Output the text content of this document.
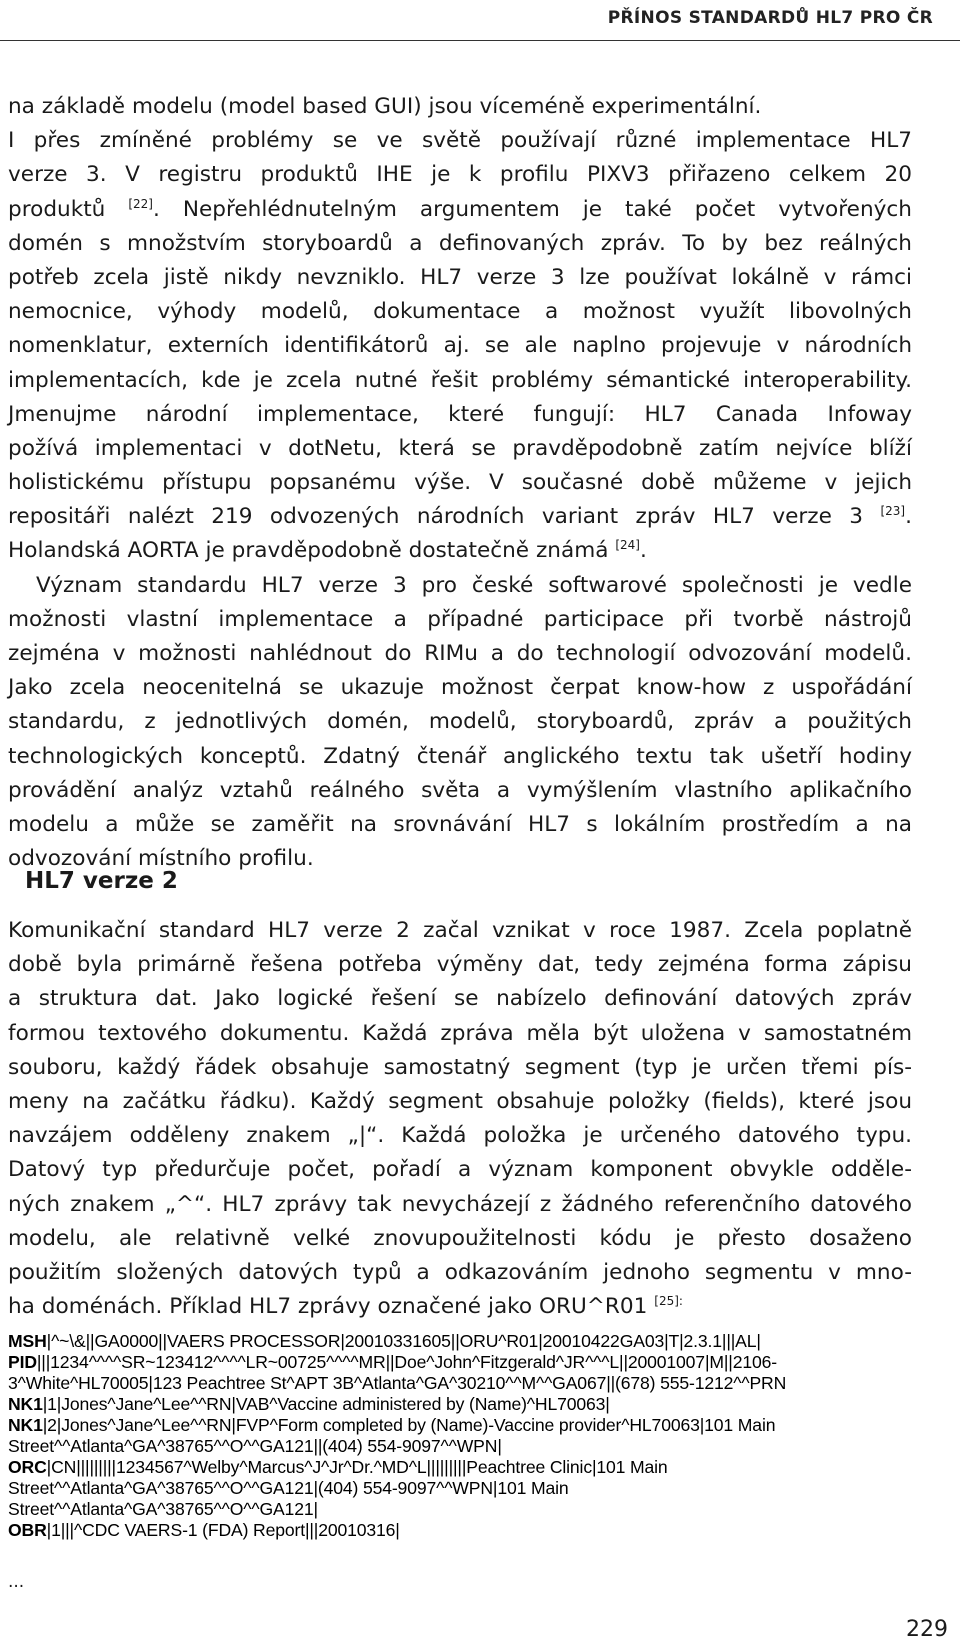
PŘÍNOS STANDARDŮ HL7 PRO ČR
na základě modelu (model based GUI) jsou víceméně experimentální.
I přes zmíněné problémy se ve světě používají různé implementace HL7
verze 3. V registru produktů IHE je k profilu PIXV3 přiřazeno celkem 20
produktů [22]. Nepřehlédnutelným argumentem je také počet vytvořených
domén s množstvím storyboardů a definovaných zpráv. To by bez reálných
potřeb zcela jistě nikdy nevzniklo. HL7 verze 3 lze používat lokálně v rámci
nemocnice, výhody modelů, dokumentace a možnost využít libovolných
nomenklatur, externích identifikátorů aj. se ale naplno projevuje v národních
implementacích, kde je zcela nutné řešit problémy sémantické interoperability.
Jmenujme národní implementace, které fungují: HL7 Canada Infoway
požívá implementaci v dotNetu, která se pravděpodobně zatím nejvíce blíží
holistickému přístupu popsanému výše. V současné době můžeme v jejich
repositáři nalézt 219 odvozených národních variant zpráv HL7 verze 3 [23].
Holandská AORTA je pravděpodobně dostatečně známá [24].
Význam standardu HL7 verze 3 pro české softwarové společnosti je vedle
možnosti vlastní implementace a případné participace při tvorbě nástrojů
zejména v možnosti nahlédnout do RIMu a do technologií odvozování modelů.
Jako zcela neocenitelná se ukazuje možnost čerpat know-how z uspořádání
standardu, z jednotlivých domén, modelů, storyboardů, zpráv a použitých
technologických konceptů. Zdatný čtenář anglického textu tak ušetří hodiny
provádění analýz vztahů reálného světa a vymýšlením vlastního aplikačního
modelu a může se zaměřit na srovnávání HL7 s lokálním prostředím a na
odvozování místního profilu.
HL7 verze 2
Komunikační standard HL7 verze 2 začal vznikat v roce 1987. Zcela poplatně
době byla primárně řešena potřeba výměny dat, tedy zejména forma zápisu
a struktura dat. Jako logické řešení se nabízelo definování datových zpráv
formou textového dokumentu. Každá zpráva měla být uložena v samostatném
souboru, každý řádek obsahuje samostatný segment (typ je určen třemi pís-
meny na začátku řádku). Každý segment obsahuje položky (fields), které jsou
navzájem odděleny znakem „|“. Každá položka je určeného datového typu.
Datový typ předurčuje počet, pořadí a význam komponent obvykle odděle-
ných znakem „^“. HL7 zprávy tak nevycházejí z žádného referenčního datového
modelu, ale relativně velké znovupoužitelnosti kódu je přesto dosaženo
použitím složených datových typů a odkazováním jednoho segmentu v mno-
ha doménách. Příklad HL7 zprávy označené jako ORU^R01 $^{[25]:}$
MSH|^~\&||GA0000||VAERS PROCESSOR|20010331605||ORU^R01|20010422GA03|T|2.3.1|||AL|
PID|||1234^^^^SR~123412^^^^LR~00725^^^^MR||Doe^John^Fitzgerald^JR^^^L||20001007|M||2106-
3^White^HL70005|123 Peachtree St^APT 3B^Atlanta^GA^30210^^M^^GA067||(678) 555-1212^^PRN
NK1|1|Jones^Jane^Lee^^RN|VAB^Vaccine administered by (Name)^HL70063|
NK1|2|Jones^Jane^Lee^^RN|FVP^Form completed by (Name)-Vaccine provider^HL70063|101 Main
Street^^Atlanta^GA^38765^^O^^GA121||(404) 554-9097^^WPN|
ORC|CN|||||||||1234567^Welby^Marcus^J^Jr^Dr.^MD^L|||||||||Peachtree Clinic|101 Main
Street^^Atlanta^GA^38765^^O^^GA121|(404) 554-9097^^WPN|101 Main
Street^^Atlanta^GA^38765^^O^^GA121|
OBR|1|||^CDC VAERS-1 (FDA) Report|||20010316|
...
229
